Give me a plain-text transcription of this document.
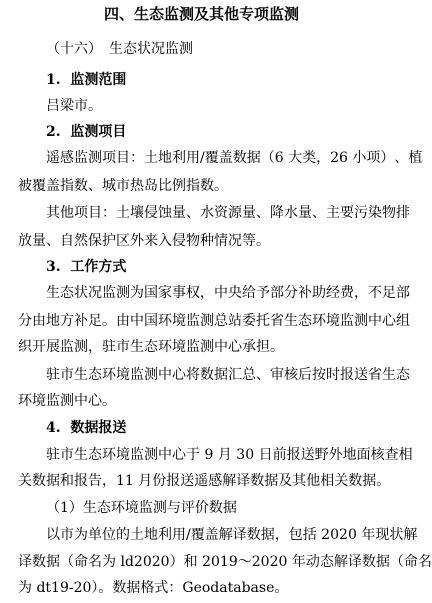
四、生态监测及其他专项监测
（十六）　生态状况监测
1. 监测范围
吕梁市。
2. 监测项目
遥 感 监 测 项 目 ： 土 地 利 用 / 覆 盖 数 据 （ 6
大 类 ， 2 6
小 项 ） 、 植
被覆盖指数、城市热岛比例指数。
其 他 项 目 ： 土 壤 侵 蚀 量 、 水 资 源 量 、 降 水 量 、 主 要 污 染 物 排
放量、自然保护区外来入侵物种情况等。
3. 工作方式
生 态 状 况 监 测 为 国 家 事 权 ， 中 央 给 予 部 分 补 助 经 费 ， 不 足 部
分 由 地 方 补 足 。 由 中 国 环 境 监 测 总 站 委 托 省 生 态 环 境 监 测 中 心 组
织开展监测，驻市生态环境监测中心承担。
驻 市 生 态 环 境 监 测 中 心 将 数 据 汇 总 、 审 核 后 按 时 报 送 省 生 态
环境监测中心。
4. 数据报送
驻 市 生 态 环 境 监 测 中 心 于
9
月
3 0
日 前 报 送 野 外 地 面 核 查 相
关数据和报告，11 月份报送遥感解译数据及其他相关数据。
（1）生态环境监测与评价数据
以 市 为 单 位 的 土 地 利 用 / 覆 盖 解 译 数 据 ， 包 括
2 0 2 0
年 现 状 解
译 数 据 （ 命 名 为
l d 2 0 2 0 ） 和
2 0 1 9 ～ 2 0 2 0
年 动 态 解 译 数 据 （ 命 名
为 dt19-20）。数据格式：Geodatabase。
